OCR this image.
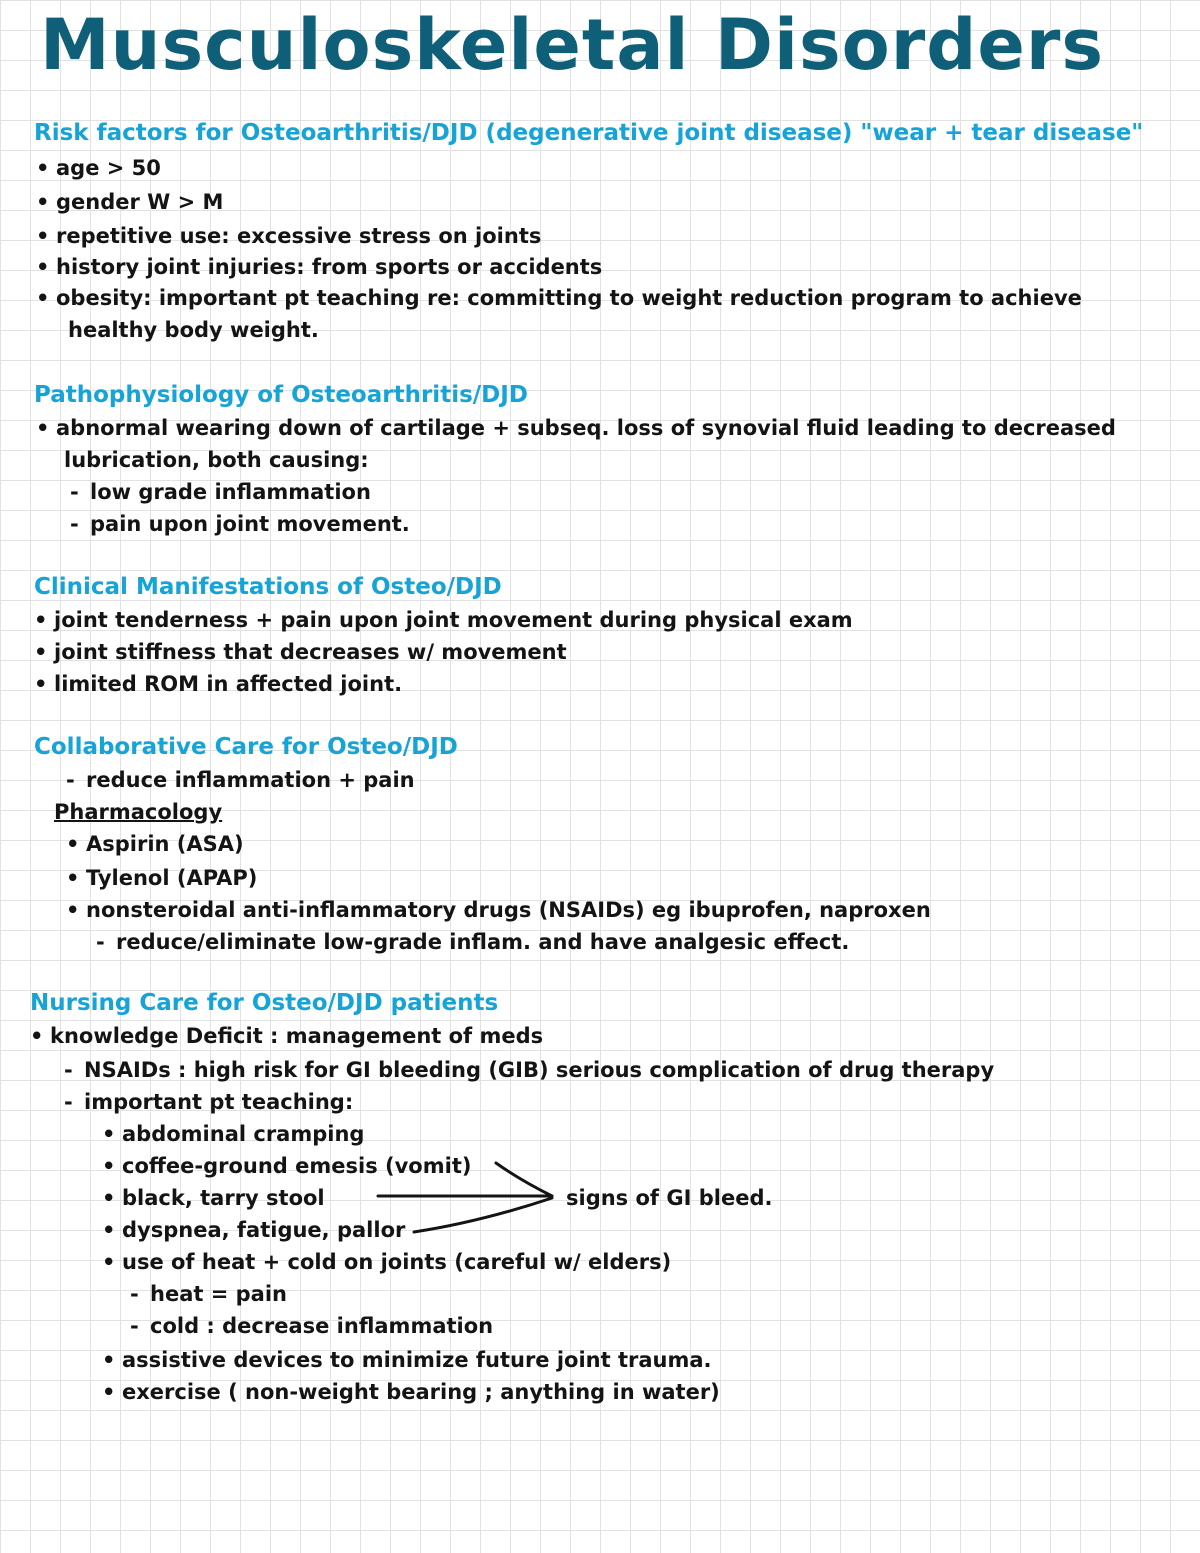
Musculoskeletal Disorders
Risk factors for Osteoarthritis/DJD (degenerative joint disease) "wear + tear disease"
• age > 50
• gender W > M
• repetitive use: excessive stress on joints
• history joint injuries: from sports or accidents
• obesity: important pt teaching re: committing to weight reduction program to achieve
healthy body weight.
Pathophysiology of Osteoarthritis/DJD
• abnormal wearing down of cartilage + subseq. loss of synovial fluid leading to decreased
lubrication, both causing:
- low grade inflammation
- pain upon joint movement.
Clinical Manifestations of Osteo/DJD
• joint tenderness + pain upon joint movement during physical exam
• joint stiffness that decreases w/ movement
• limited ROM in affected joint.
Collaborative Care for Osteo/DJD
- reduce inflammation + pain
Pharmacology
• Aspirin (ASA)
• Tylenol (APAP)
• nonsteroidal anti-inflammatory drugs (NSAIDs) eg ibuprofen, naproxen
- reduce/eliminate low-grade inflam. and have analgesic effect.
Nursing Care for Osteo/DJD patients
• knowledge Deficit : management of meds
- NSAIDs : high risk for GI bleeding (GIB) serious complication of drug therapy
- important pt teaching:
• abdominal cramping
• coffee-ground emesis (vomit)
• black, tarry stool
• dyspnea, fatigue, pallor
• use of heat + cold on joints (careful w/ elders)
- heat = pain
- cold : decrease inflammation
• assistive devices to minimize future joint trauma.
• exercise ( non-weight bearing ; anything in water)
signs of GI bleed.
